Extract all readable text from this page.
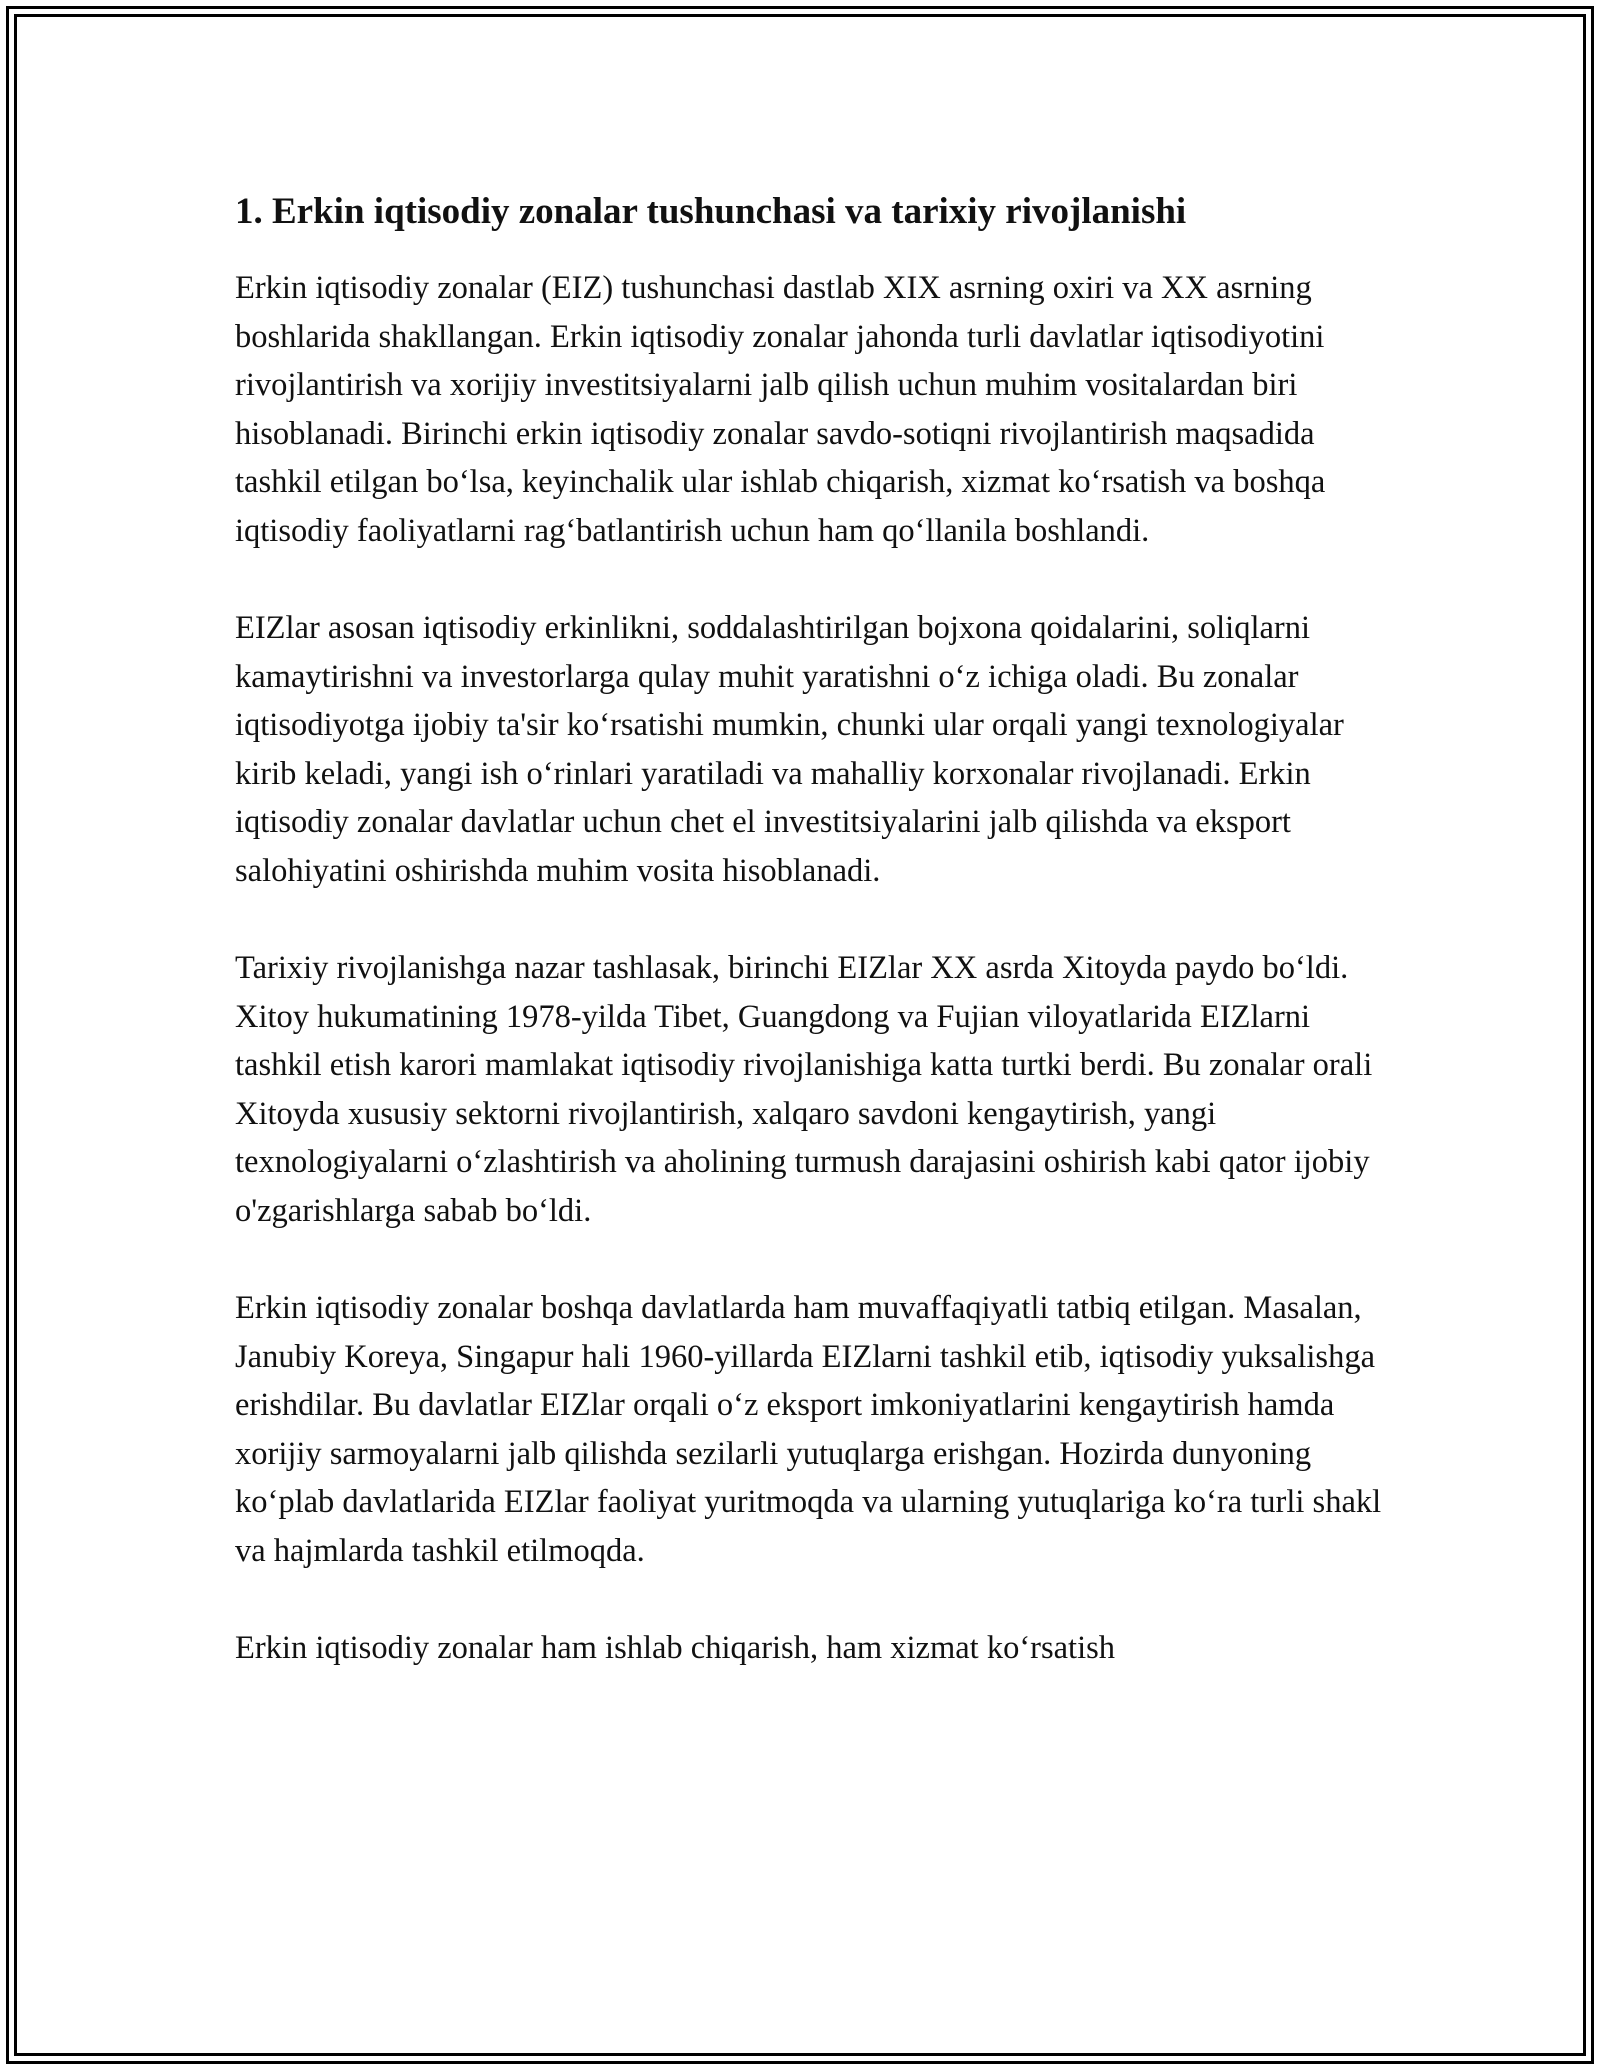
1. Erkin iqtisodiy zonalar tushunchasi va tarixiy rivojlanishi

Erkin iqtisodiy zonalar (EIZ) tushunchasi dastlab XIX asrning oxiri va XX asrning boshlarida shakllangan. Erkin iqtisodiy zonalar jahonda turli davlatlar iqtisodiyotini rivojlantirish va xorijiy investitsiyalarni jalb qilish uchun muhim vositalardan biri hisoblanadi. Birinchi erkin iqtisodiy zonalar savdo-sotiqni rivojlantirish maqsadida tashkil etilgan bo‘lsa, keyinchalik ular ishlab chiqarish, xizmat ko‘rsatish va boshqa iqtisodiy faoliyatlarni rag‘batlantirish uchun ham qo‘llanila boshlandi.

EIZlar asosan iqtisodiy erkinlikni, soddalashtirilgan bojxona qoidalarini, soliqlarni kamaytirishni va investorlarga qulay muhit yaratishni o‘z ichiga oladi. Bu zonalar iqtisodiyotga ijobiy ta'sir ko‘rsatishi mumkin, chunki ular orqali yangi texnologiyalar kirib keladi, yangi ish o‘rinlari yaratiladi va mahalliy korxonalar rivojlanadi. Erkin iqtisodiy zonalar davlatlar uchun chet el investitsiyalarini jalb qilishda va eksport salohiyatini oshirishda muhim vosita hisoblanadi.

Tarixiy rivojlanishga nazar tashlasak, birinchi EIZlar XX asrda Xitoyda paydo bo‘ldi. Xitoy hukumatining 1978-yilda Tibet, Guangdong va Fujian viloyatlarida EIZlarni tashkil etish karori mamlakat iqtisodiy rivojlanishiga katta turtki berdi. Bu zonalar orali Xitoyda xususiy sektorni rivojlantirish, xalqaro savdoni kengaytirish, yangi texnologiyalarni o‘zlashtirish va aholining turmush darajasini oshirish kabi qator ijobiy o'zgarishlarga sabab bo‘ldi.

Erkin iqtisodiy zonalar boshqa davlatlarda ham muvaffaqiyatli tatbiq etilgan. Masalan, Janubiy Koreya, Singapur hali 1960-yillarda EIZlarni tashkil etib, iqtisodiy yuksalishga erishdilar. Bu davlatlar EIZlar orqali o‘z eksport imkoniyatlarini kengaytirish hamda xorijiy sarmoyalarni jalb qilishda sezilarli yutuqlarga erishgan. Hozirda dunyoning ko‘plab davlatlarida EIZlar faoliyat yuritmoqda va ularning yutuqlariga ko‘ra turli shakl va hajmlarda tashkil etilmoqda.

Erkin iqtisodiy zonalar ham ishlab chiqarish, ham xizmat ko‘rsatish
